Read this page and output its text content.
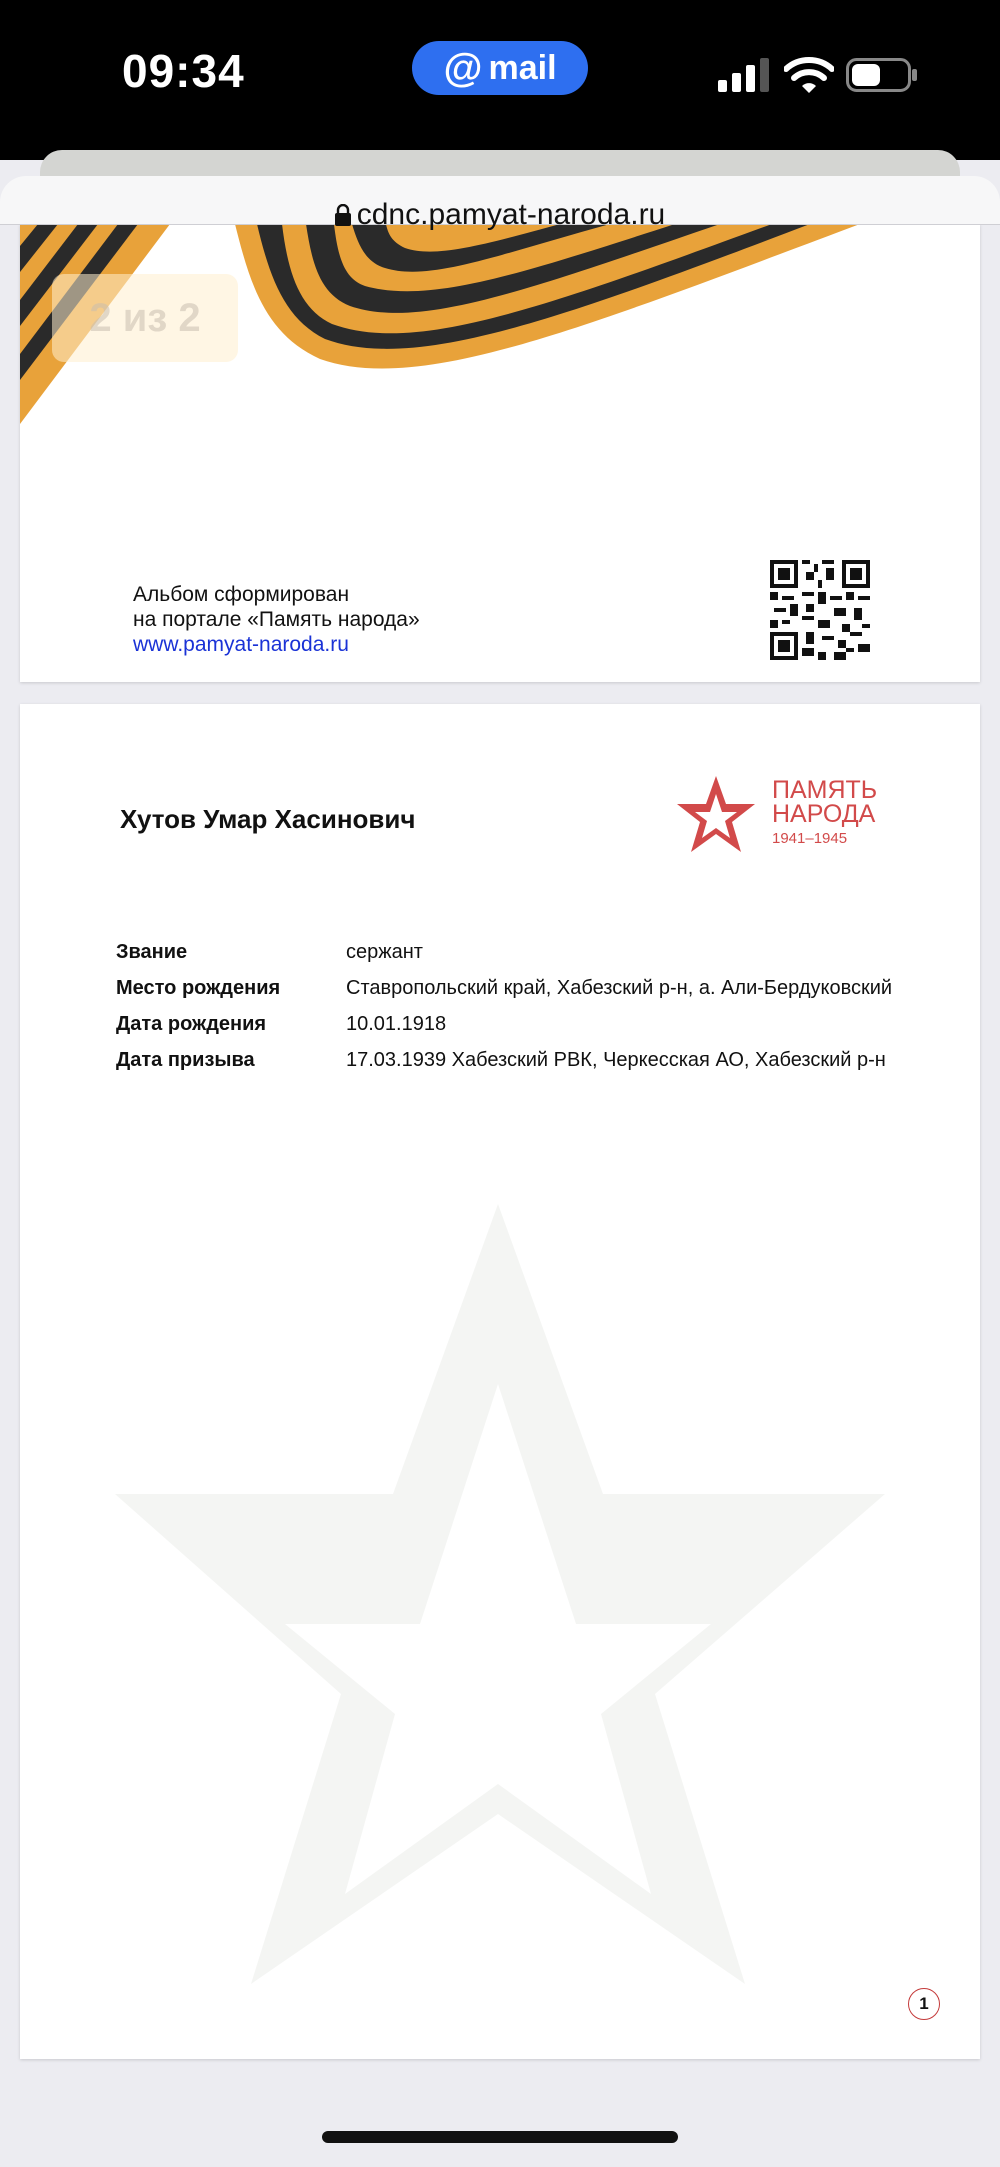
09:34	@ mail
2 из 2
Альбом сформирован
на портале «Память народа»
www.pamyat-naroda.ru
Хутов Умар Хасинович
ПАМЯТЬ
НАРОДА
1941–1945
Звание	сержант
Место рождения	Ставропольский край, Хабезский р-н, а. Али-Бердуковский
Дата рождения	10.01.1918
Дата призыва	17.03.1939 Хабезский РВК, Черкесская АО, Хабезский р-н
1
cdnc.pamyat-naroda.ru
